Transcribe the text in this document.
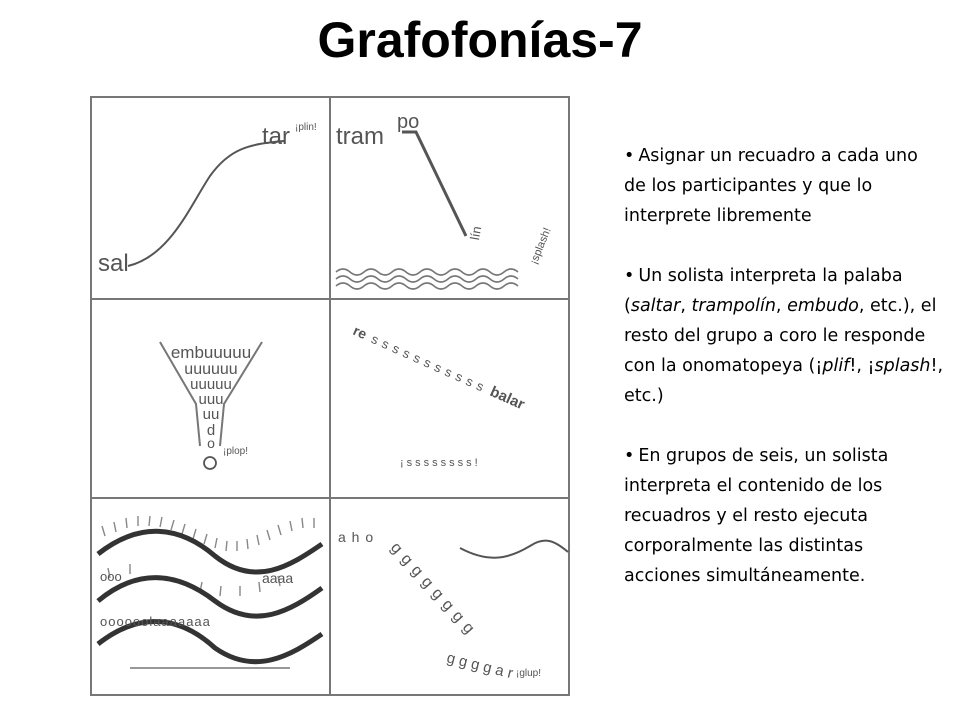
Grafofonías-7
sal
tar ¡plin! tram
po
lín	¡splash!
embuuuuu
uuuuuu
uuuuu
uuu
uu
d
o
¡plop!
re sssssssssss
balar
¡ssssssss!
aaaa
ooo
oooooolaaaaaaa
a h o
g g g g g g g g
g g g g a r ¡glup!
• Asignar un recuadro a cada uno de los participantes y que lo interprete libremente
• Un solista interpreta la palaba (saltar, trampolín, embudo, etc.), el resto del grupo a coro le responde con la onomatopeya (¡plif!, ¡splash!, etc.)
• En grupos de seis, un solista interpreta el contenido de los recuadros y el resto ejecuta corporalmente las distintas acciones simultáneamente.
